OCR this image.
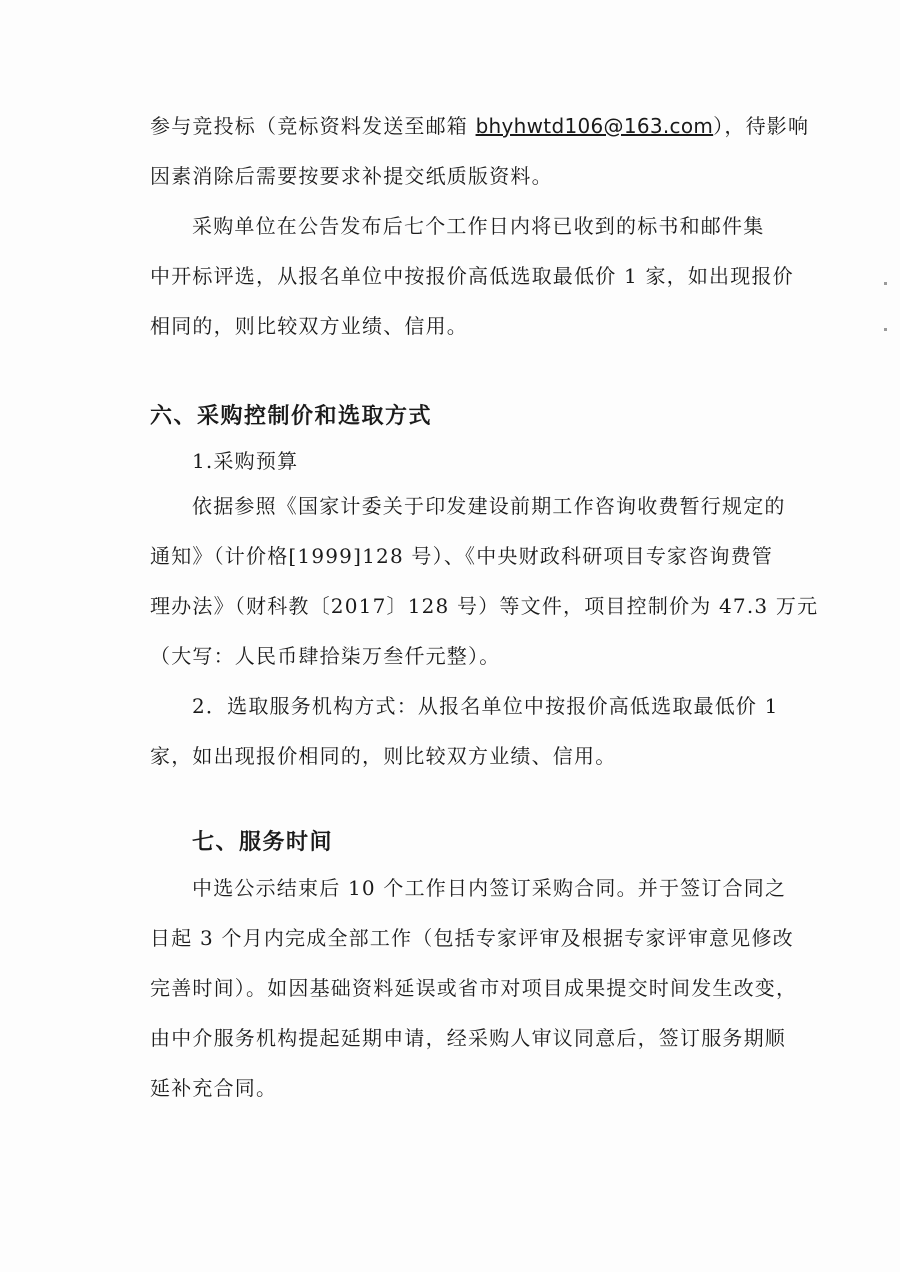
参与竞投标（竞标资料发送至邮箱 bhyhwtd106@163.com），待影响
因素消除后需要按要求补提交纸质版资料。
采购单位在公告发布后七个工作日内将已收到的标书和邮件集
中开标评选，从报名单位中按报价高低选取最低价 1 家，如出现报价
相同的，则比较双方业绩、信用。
六、采购控制价和选取方式
1.采购预算
依据参照《国家计委关于印发建设前期工作咨询收费暂行规定的
通知》（计价格[1999]128 号）、《中央财政科研项目专家咨询费管
理办法》（财科教〔2017〕128 号）等文件，项目控制价为 47.3 万元
（大写：人民币肆拾柒万叁仟元整）。
2．选取服务机构方式：从报名单位中按报价高低选取最低价 1
家，如出现报价相同的，则比较双方业绩、信用。
七、服务时间
中选公示结束后 10 个工作日内签订采购合同。并于签订合同之
日起 3 个月内完成全部工作（包括专家评审及根据专家评审意见修改
完善时间）。如因基础资料延误或省市对项目成果提交时间发生改变，
由中介服务机构提起延期申请，经采购人审议同意后，签订服务期顺
延补充合同。
